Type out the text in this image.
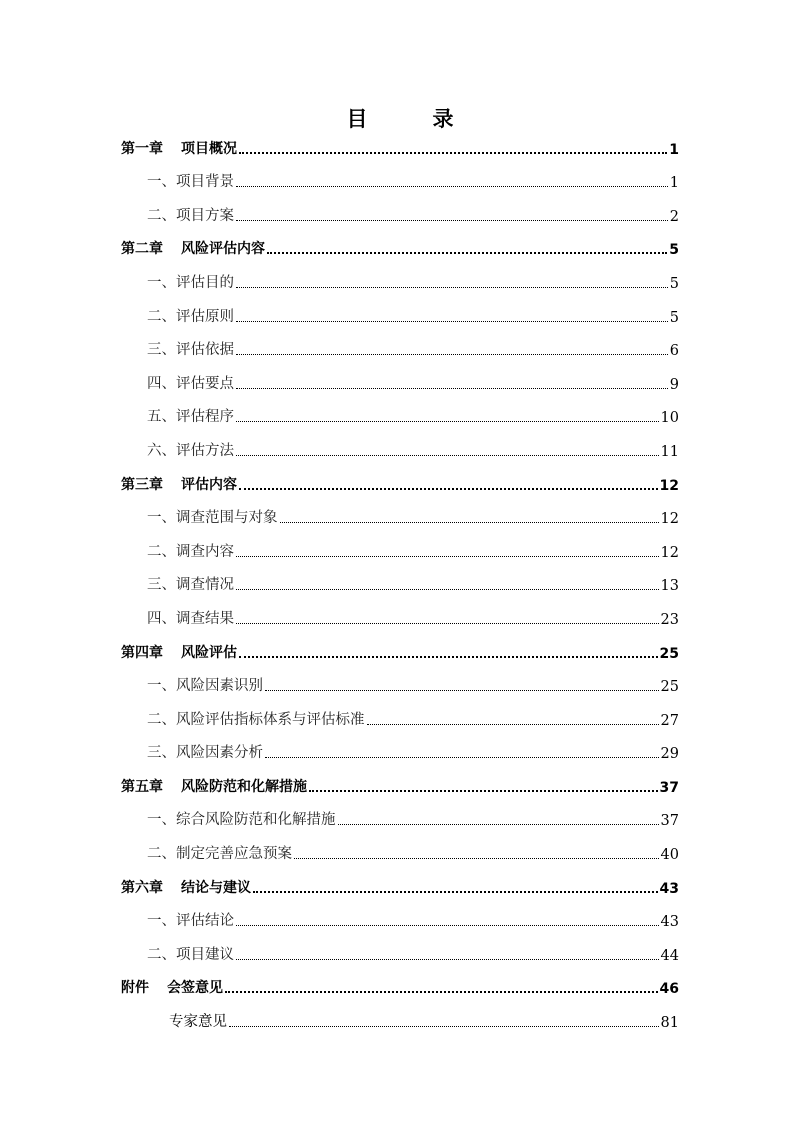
目　录
第一章 项目概况	1
一、项目背景	1
二、项目方案	2
第二章 风险评估内容	5
一、评估目的	5
二、评估原则	5
三、评估依据	6
四、评估要点	9
五、评估程序	10
六、评估方法	11
第三章 评估内容	12
一、调查范围与对象	12
二、调查内容	12
三、调查情况	13
四、调查结果	23
第四章 风险评估	25
一、风险因素识别	25
二、风险评估指标体系与评估标准	27
三、风险因素分析	29
第五章 风险防范和化解措施	37
一、综合风险防范和化解措施	37
二、制定完善应急预案	40
第六章 结论与建议	43
一、评估结论	43
二、项目建议	44
附件 会签意见	46
专家意见	81
